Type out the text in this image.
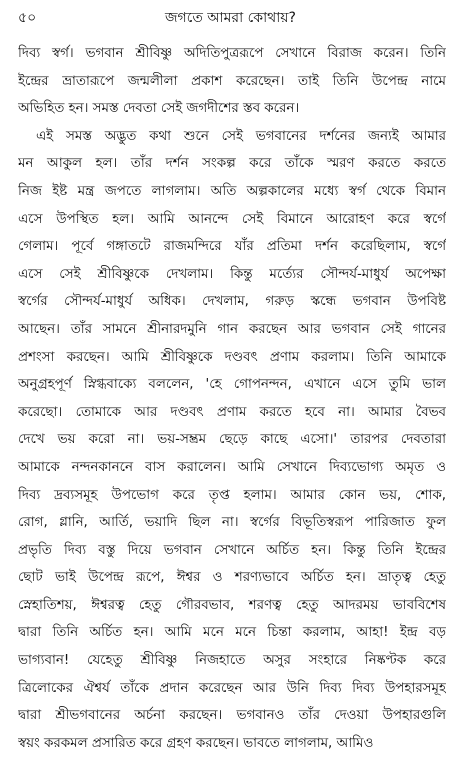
৫০	জগতে আমরা কোথায়?
দিব্য স্বর্গ। ভগবান শ্রীবিষ্ণু অদিতিপুত্ররূপে সেখানে বিরাজ করেন। তিনি
ইন্দ্রের ভ্রাতারূপে জন্মলীলা প্রকাশ করেছেন। তাই তিনি উপেন্দ্র নামে
অভিহিত হন। সমস্ত দেবতা সেই জগদীশের স্তব করেন।
এই সমস্ত অদ্ভুত কথা শুনে সেই ভগবানের দর্শনের জন্যই আমার
মন আকুল হল। তাঁর দর্শন সংকল্প করে তাঁকে স্মরণ করতে করতে
নিজ ইষ্ট মন্ত্র জপতে লাগলাম। অতি অল্পকালের মধ্যে স্বর্গ থেকে বিমান
এসে উপস্থিত হল। আমি আনন্দে সেই বিমানে আরোহণ করে স্বর্গে
গেলাম। পূর্বে গঙ্গাতটে রাজমন্দিরে যাঁর প্রতিমা দর্শন করেছিলাম, স্বর্গে
এসে সেই শ্রীবিষ্ণুকে দেখলাম। কিন্তু মর্ত্যের সৌন্দর্য-মাধুর্য অপেক্ষা
স্বর্গের সৌন্দর্য-মাধুর্য অধিক। দেখলাম, গরুড় স্কন্ধে ভগবান উপবিষ্ট
আছেন। তাঁর সামনে শ্রীনারদমুনি গান করছেন আর ভগবান সেই গানের
প্রশংসা করছেন। আমি শ্রীবিষ্ণুকে দণ্ডবৎ প্রণাম করলাম। তিনি আমাকে
অনুগ্রহপূর্ণ স্নিগ্ধবাক্যে বললেন, 'হে গোপনন্দন, এখানে এসে তুমি ভাল
করেছো। তোমাকে আর দণ্ডবৎ প্রণাম করতে হবে না। আমার বৈভব
দেখে ভয় করো না। ভয়-সম্ভ্রম ছেড়ে কাছে এসো।' তারপর দেবতারা
আমাকে নন্দনকাননে বাস করালেন। আমি সেখানে দিব্যভোগ্য অমৃত ও
দিব্য দ্রব্যসমূহ উপভোগ করে তৃপ্ত হলাম। আমার কোন ভয়, শোক,
রোগ, গ্লানি, আর্তি, ভয়াদি ছিল না। স্বর্গের বিভূতিস্বরূপ পারিজাত ফুল
প্রভৃতি দিব্য বস্তু দিয়ে ভগবান সেখানে অর্চিত হন। কিন্তু তিনি ইন্দ্রের
ছোট ভাই উপেন্দ্র রূপে, ঈশ্বর ও শরণ্যভাবে অর্চিত হন। ভ্রাতৃত্ব হেতু
স্নেহাতিশয়, ঈশ্বরত্ব হেতু গৌরবভাব, শরণত্ব হেতু আদরময় ভাববিশেষ
দ্বারা তিনি অর্চিত হন। আমি মনে মনে চিন্তা করলাম, আহা! ইন্দ্র বড়
ভাগ্যবান! যেহেতু শ্রীবিষ্ণু নিজহাতে অসুর সংহারে নিষ্কণ্টক করে
ত্রিলোকের ঐশ্বর্য তাঁকে প্রদান করেছেন আর উনি দিব্য দিব্য উপহারসমূহ
দ্বারা শ্রীভগবানের অর্চনা করছেন। ভগবানও তাঁর দেওয়া উপহারগুলি
স্বয়ং করকমল প্রসারিত করে গ্রহণ করছেন। ভাবতে লাগলাম, আমিও
